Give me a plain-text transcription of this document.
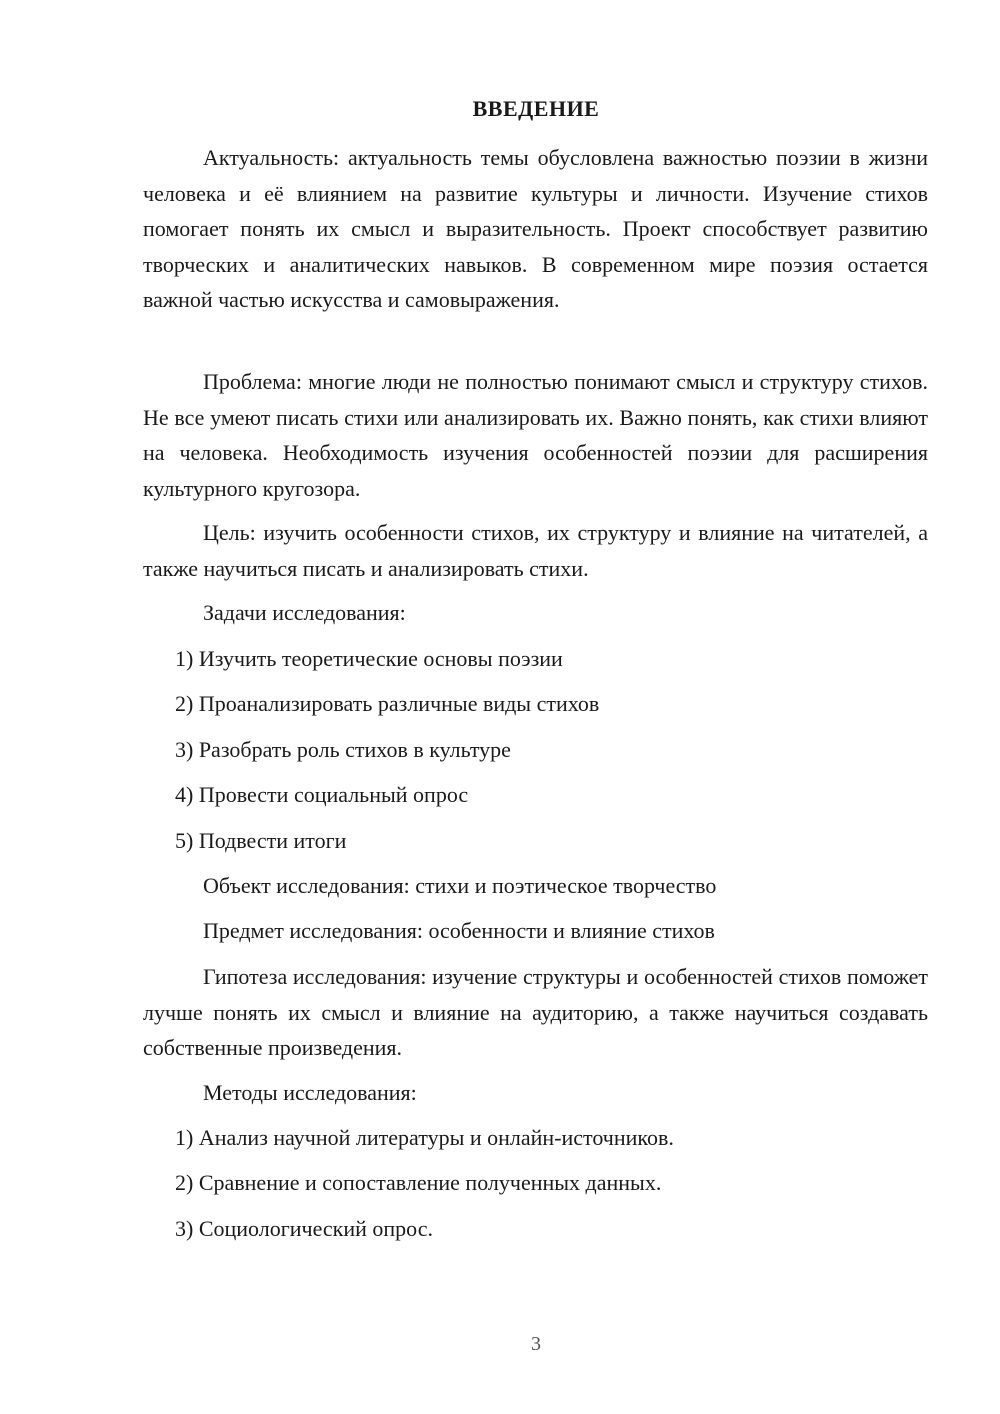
ВВЕДЕНИЕ
Актуальность: актуальность темы обусловлена важностью поэзии в жизни человека и её влиянием на развитие культуры и личности. Изучение стихов помогает понять их смысл и выразительность. Проект способствует развитию творческих и аналитических навыков. В современном мире поэзия остается важной частью искусства и самовыражения.
Проблема: многие люди не полностью понимают смысл и структуру стихов. Не все умеют писать стихи или анализировать их. Важно понять, как стихи влияют на человека. Необходимость изучения особенностей поэзии для расширения культурного кругозора.
Цель: изучить особенности стихов, их структуру и влияние на читателей, а также научиться писать и анализировать стихи.
Задачи исследования:
1) Изучить теоретические основы поэзии
2) Проанализировать различные виды стихов
3) Разобрать роль стихов в культуре
4) Провести социальный опрос
5) Подвести итоги
Объект исследования: стихи и поэтическое творчество
Предмет исследования: особенности и влияние стихов
Гипотеза исследования: изучение структуры и особенностей стихов поможет лучше понять их смысл и влияние на аудиторию, а также научиться создавать собственные произведения.
Методы исследования:
1) Анализ научной литературы и онлайн-источников.
2) Сравнение и сопоставление полученных данных.
3) Социологический опрос.
3
